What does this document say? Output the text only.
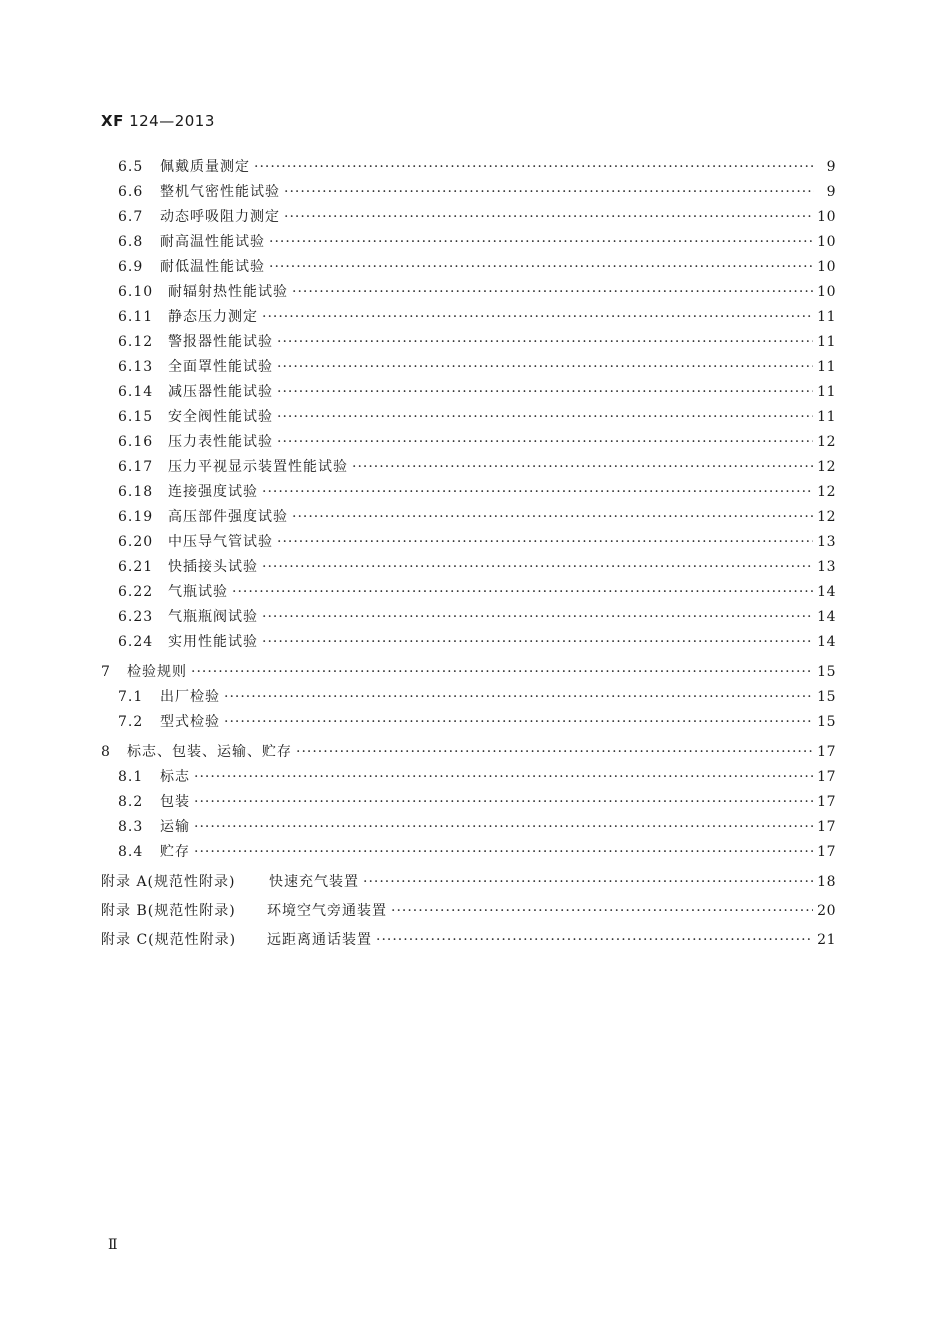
XF 124—2013
6.5	佩戴质量测定 ·····	9
6.6	整机气密性能试验 ·····	9
6.7	动态呼吸阻力测定 ·····	10
6.8	耐高温性能试验 ·····	10
6.9	耐低温性能试验 ·····	10
6.10	耐辐射热性能试验 ·····	10
6.11	静态压力测定 ·····	11
6.12	警报器性能试验 ·····	11
6.13	全面罩性能试验 ·····	11
6.14	减压器性能试验 ·····	11
6.15	安全阀性能试验 ·····	11
6.16	压力表性能试验 ·····	12
6.17	压力平视显示装置性能试验 ·····	12
6.18	连接强度试验 ·····	12
6.19	高压部件强度试验 ·····	12
6.20	中压导气管试验 ·····	13
6.21	快插接头试验 ·····	13
6.22	气瓶试验 ·····	14
6.23	气瓶瓶阀试验 ·····	14
6.24	实用性能试验 ·····	14
7	检验规则 ·····	15
7.1	出厂检验 ·····	15
7.2	型式检验 ·····	15
8	标志、包装、运输、贮存 ·····	17
8.1	标志 ·····	17
8.2	包装 ·····	17
8.3	运输 ·····	17
8.4	贮存 ·····	17
附录 A(规范性附录)	快速充气装置 ·····	18
附录 B(规范性附录)	环境空气旁通装置 ·····	20
附录 C(规范性附录)	远距离通话装置 ·····	21
Ⅱ
